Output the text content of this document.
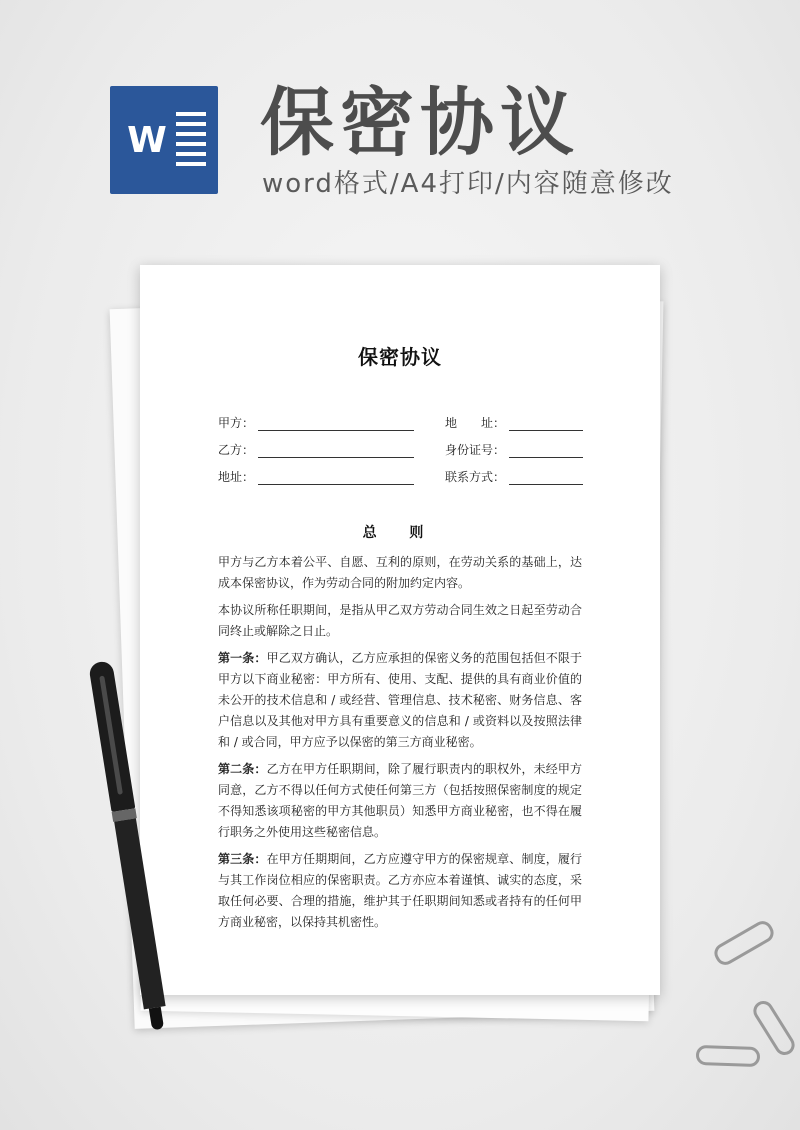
W 保密协议
word格式/A4打印/内容随意修改
保密协议
甲方：	地　　址：
乙方：	身份证号：
地址：	联系方式：
总 则
甲方与乙方本着公平、自愿、互利的原则，在劳动关系的基础上，达成本保密协议，作为劳动合同的附加约定内容。
本协议所称任职期间，是指从甲乙双方劳动合同生效之日起至劳动合同终止或解除之日止。
第一条：甲乙双方确认，乙方应承担的保密义务的范围包括但不限于甲方以下商业秘密：甲方所有、使用、支配、提供的具有商业价值的未公开的技术信息和 / 或经营、管理信息、技术秘密、财务信息、客户信息以及其他对甲方具有重要意义的信息和 / 或资料以及按照法律和 / 或合同，甲方应予以保密的第三方商业秘密。
第二条：乙方在甲方任职期间，除了履行职责内的职权外，未经甲方同意，乙方不得以任何方式使任何第三方（包括按照保密制度的规定不得知悉该项秘密的甲方其他职员）知悉甲方商业秘密，也不得在履行职务之外使用这些秘密信息。
第三条：在甲方任期期间，乙方应遵守甲方的保密规章、制度，履行与其工作岗位相应的保密职责。乙方亦应本着谨慎、诚实的态度，采取任何必要、合理的措施，维护其于任职期间知悉或者持有的任何甲方商业秘密，以保持其机密性。
